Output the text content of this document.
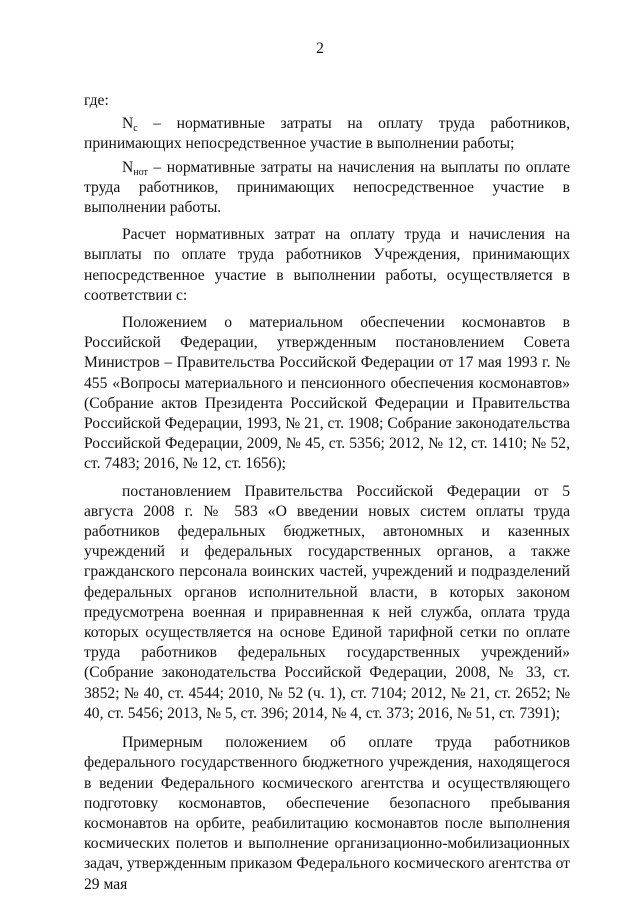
2

где:

$N_с$ – нормативные затраты на оплату труда работников, принимающих непосредственное участие в выполнении работы;

$N_{нот}$ – нормативные затраты на начисления на выплаты по оплате труда работников, принимающих непосредственное участие в выполнении работы.

Расчет нормативных затрат на оплату труда и начисления на выплаты по оплате труда работников Учреждения, принимающих непосредственное участие в выполнении работы, осуществляется в соответствии с:

Положением о материальном обеспечении космонавтов в Российской Федерации, утвержденным постановлением Совета Министров – Правительства Российской Федерации от 17 мая 1993 г. № 455 «Вопросы материального и пенсионного обеспечения космонавтов» (Собрание актов Президента Российской Федерации и Правительства Российской Федерации, 1993, № 21, ст. 1908; Собрание законодательства Российской Федерации, 2009, № 45, ст. 5356; 2012, № 12, ст. 1410; № 52, ст. 7483; 2016, № 12, ст. 1656);

постановлением Правительства Российской Федерации от 5 августа 2008 г. № 583 «О введении новых систем оплаты труда работников федеральных бюджетных, автономных и казенных учреждений и федеральных государственных органов, а также гражданского персонала воинских частей, учреждений и подразделений федеральных органов исполнительной власти, в которых законом предусмотрена военная и приравненная к ней служба, оплата труда которых осуществляется на основе Единой тарифной сетки по оплате труда работников федеральных государственных учреждений» (Собрание законодательства Российской Федерации, 2008, № 33, ст. 3852; № 40, ст. 4544; 2010, № 52 (ч. 1), ст. 7104; 2012, № 21, ст. 2652; № 40, ст. 5456; 2013, № 5, ст. 396; 2014, № 4, ст. 373; 2016, № 51, ст. 7391);

Примерным положением об оплате труда работников федерального государственного бюджетного учреждения, находящегося в ведении Федерального космического агентства и осуществляющего подготовку космонавтов, обеспечение безопасного пребывания космонавтов на орбите, реабилитацию космонавтов после выполнения космических полетов и выполнение организационно-мобилизационных задач, утвержденным приказом Федерального космического агентства от 29 мая
